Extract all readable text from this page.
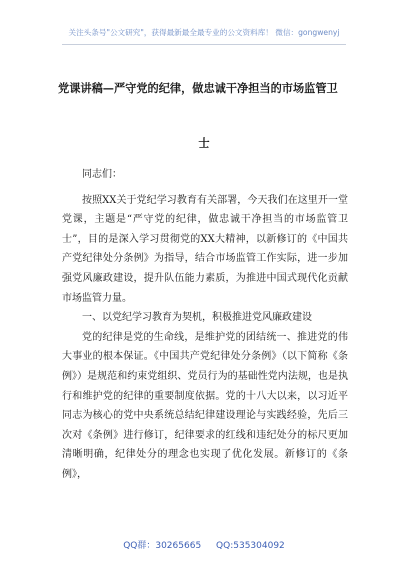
关注头条号"公文研究"，获得最新最全最专业的公文资料库！ 微信：gongwenyj
党课讲稿—严守党的纪律，做忠诚干净担当的市场监管卫
士

同志们：

按照XX关于党纪学习教育有关部署，今天我们在这里开一堂党课，主题是“严守党的纪律，做忠诚干净担当的市场监管卫士”，目的是深入学习贯彻党的XX大精神，以新修订的《中国共产党纪律处分条例》为指导，结合市场监管工作实际，进一步加强党风廉政建设，提升队伍能力素质，为推进中国式现代化贡献市场监管力量。

一、以党纪学习教育为契机，积极推进党风廉政建设

党的纪律是党的生命线，是维护党的团结统一、推进党的伟大事业的根本保证。《中国共产党纪律处分条例》（以下简称《条例》）是规范和约束党组织、党员行为的基础性党内法规，也是执行和维护党的纪律的重要制度依据。党的十八大以来，以习近平同志为核心的党中央系统总结纪律建设理论与实践经验，先后三次对《条例》进行修订，纪律要求的红线和违纪处分的标尺更加清晰明确，纪律处分的理念也实现了优化发展。新修订的《条例》，

QQ群：30265665 QQ:535304092
